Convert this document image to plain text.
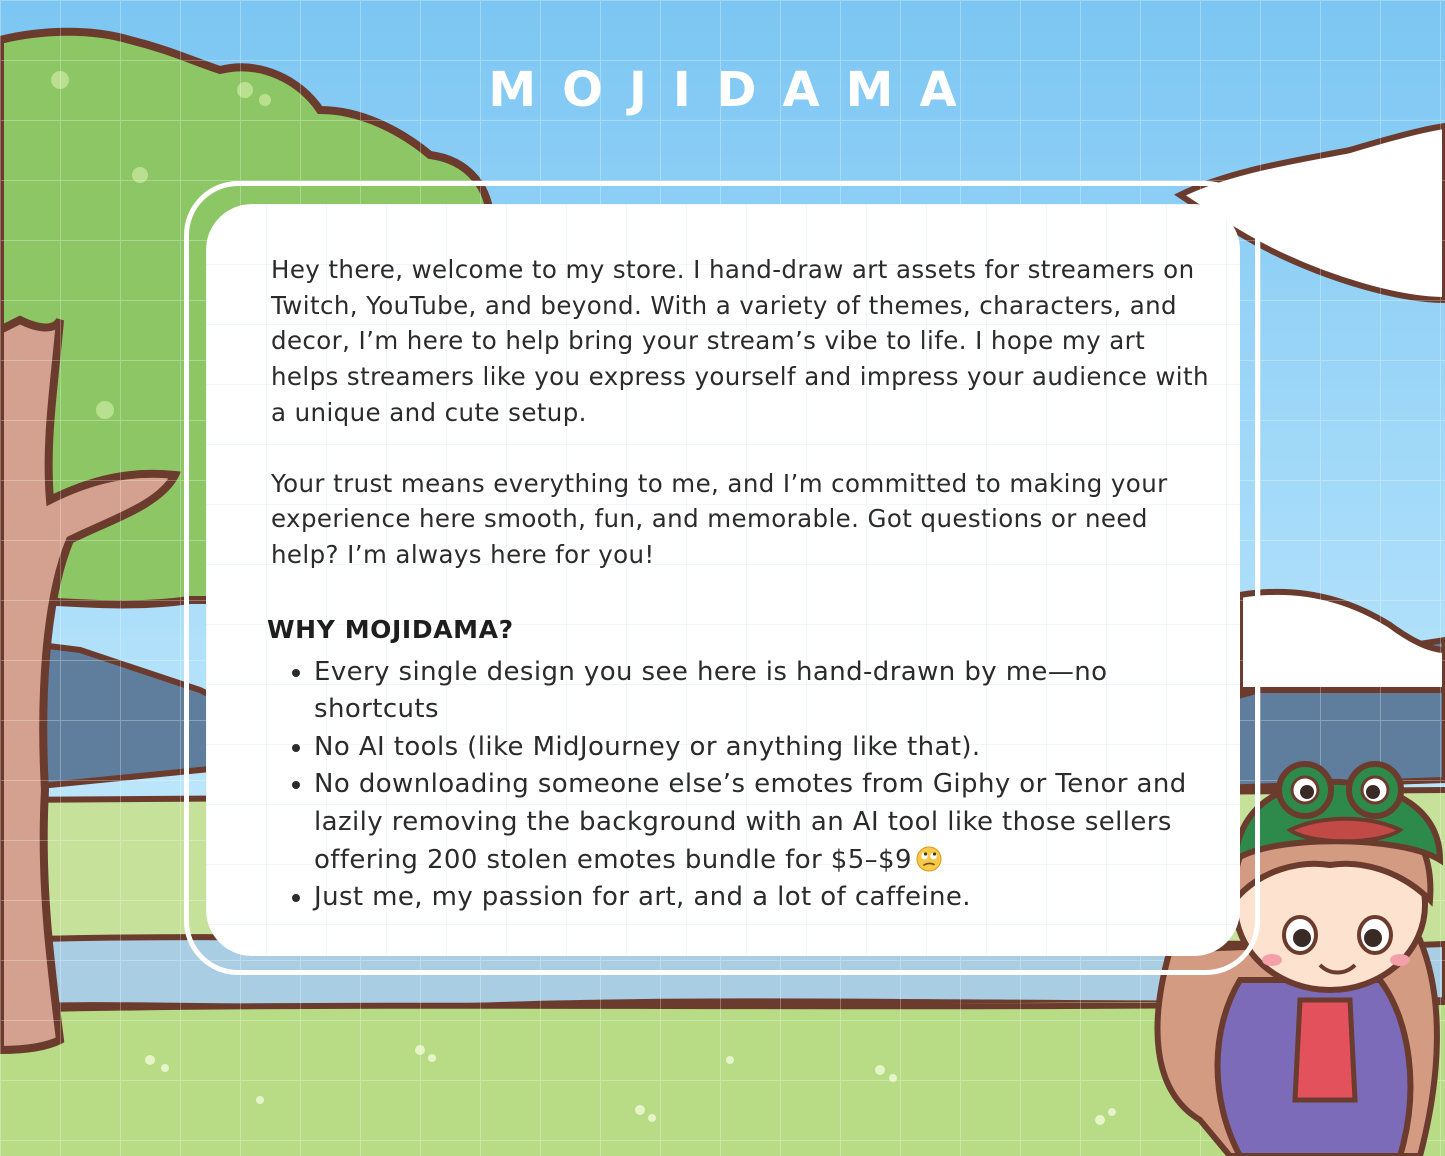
MOJIDAMA

Hey there, welcome to my store. I hand-draw art assets for streamers on Twitch, YouTube, and beyond. With a variety of themes, characters, and decor, I’m here to help bring your stream’s vibe to life. I hope my art helps streamers like you express yourself and impress your audience with a unique and cute setup.

Your trust means everything to me, and I’m committed to making your experience here smooth, fun, and memorable. Got questions or need help? I’m always here for you!

WHY MOJIDAMA?
• Every single design you see here is hand-drawn by me—no shortcuts
• No AI tools (like MidJourney or anything like that).
• No downloading someone else’s emotes from Giphy or Tenor and lazily removing the background with an AI tool like those sellers offering 200 stolen emotes bundle for $5–$9
• Just me, my passion for art, and a lot of caffeine.
